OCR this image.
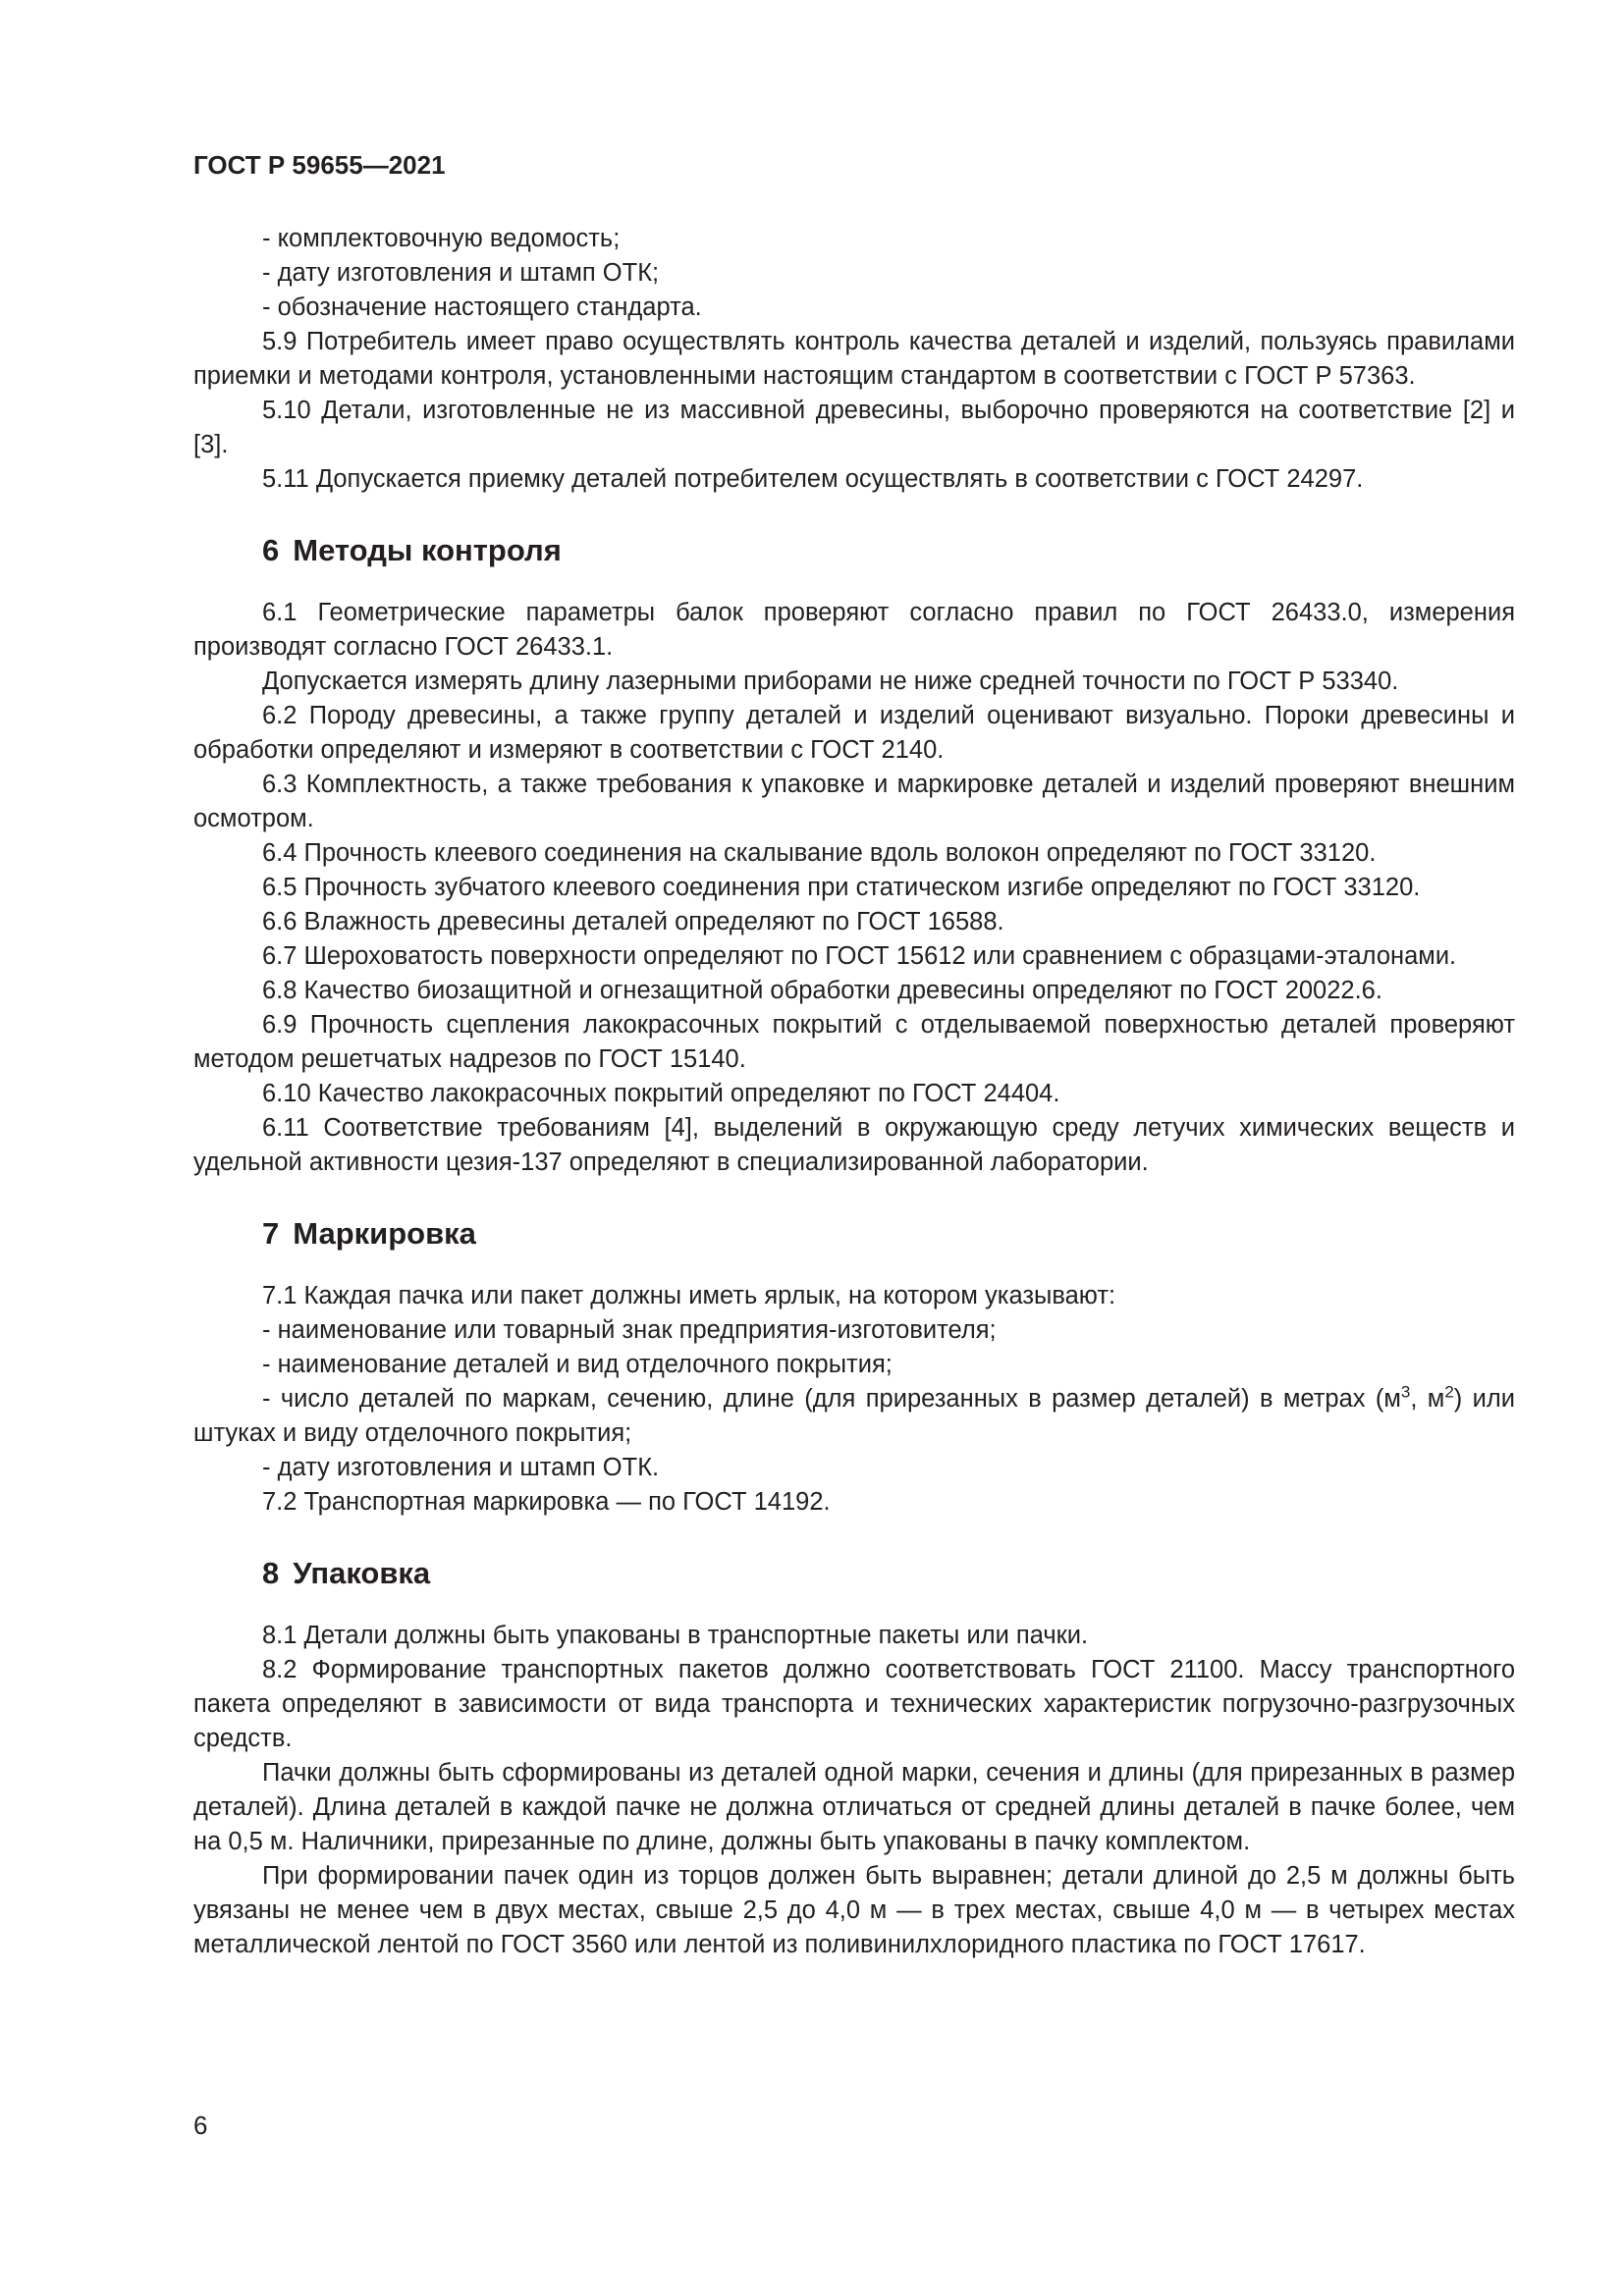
ГОСТ Р 59655—2021

- комплектовочную ведомость;

- дату изготовления и штамп ОТК;

- обозначение настоящего стандарта.

5.9 Потребитель имеет право осуществлять контроль качества деталей и изделий, пользуясь правилами приемки и методами контроля, установленными настоящим стандартом в соответствии с ГОСТ Р 57363.

5.10 Детали, изготовленные не из массивной древесины, выборочно проверяются на соответствие [2] и [3].

5.11 Допускается приемку деталей потребителем осуществлять в соответствии с ГОСТ 24297.

6 Методы контроля

6.1 Геометрические параметры балок проверяют согласно правил по ГОСТ 26433.0, измерения производят согласно ГОСТ 26433.1.

Допускается измерять длину лазерными приборами не ниже средней точности по ГОСТ Р 53340.

6.2 Породу древесины, а также группу деталей и изделий оценивают визуально. Пороки древесины и обработки определяют и измеряют в соответствии с ГОСТ 2140.

6.3 Комплектность, а также требования к упаковке и маркировке деталей и изделий проверяют внешним осмотром.

6.4 Прочность клеевого соединения на скалывание вдоль волокон определяют по ГОСТ 33120.

6.5 Прочность зубчатого клеевого соединения при статическом изгибе определяют по ГОСТ 33120.

6.6 Влажность древесины деталей определяют по ГОСТ 16588.

6.7 Шероховатость поверхности определяют по ГОСТ 15612 или сравнением с образцами-эталонами.

6.8 Качество биозащитной и огнезащитной обработки древесины определяют по ГОСТ 20022.6.

6.9 Прочность сцепления лакокрасочных покрытий с отделываемой поверхностью деталей проверяют методом решетчатых надрезов по ГОСТ 15140.

6.10 Качество лакокрасочных покрытий определяют по ГОСТ 24404.

6.11 Соответствие требованиям [4], выделений в окружающую среду летучих химических веществ и удельной активности цезия-137 определяют в специализированной лаборатории.

7 Маркировка

7.1 Каждая пачка или пакет должны иметь ярлык, на котором указывают:

- наименование или товарный знак предприятия-изготовителя;

- наименование деталей и вид отделочного покрытия;

- число деталей по маркам, сечению, длине (для прирезанных в размер деталей) в метрах ($м^3$, $м^2$) или штуках и виду отделочного покрытия;

- дату изготовления и штамп ОТК.

7.2 Транспортная маркировка — по ГОСТ 14192.

8 Упаковка

8.1 Детали должны быть упакованы в транспортные пакеты или пачки.

8.2 Формирование транспортных пакетов должно соответствовать ГОСТ 21100. Массу транспортного пакета определяют в зависимости от вида транспорта и технических характеристик погрузочно-разгрузочных средств.

Пачки должны быть сформированы из деталей одной марки, сечения и длины (для прирезанных в размер деталей). Длина деталей в каждой пачке не должна отличаться от средней длины деталей в пачке более, чем на 0,5 м. Наличники, прирезанные по длине, должны быть упакованы в пачку комплектом.

При формировании пачек один из торцов должен быть выравнен; детали длиной до 2,5 м должны быть увязаны не менее чем в двух местах, свыше 2,5 до 4,0 м — в трех местах, свыше 4,0 м — в четырех местах металлической лентой по ГОСТ 3560 или лентой из поливинилхлоридного пластика по ГОСТ 17617.

6
